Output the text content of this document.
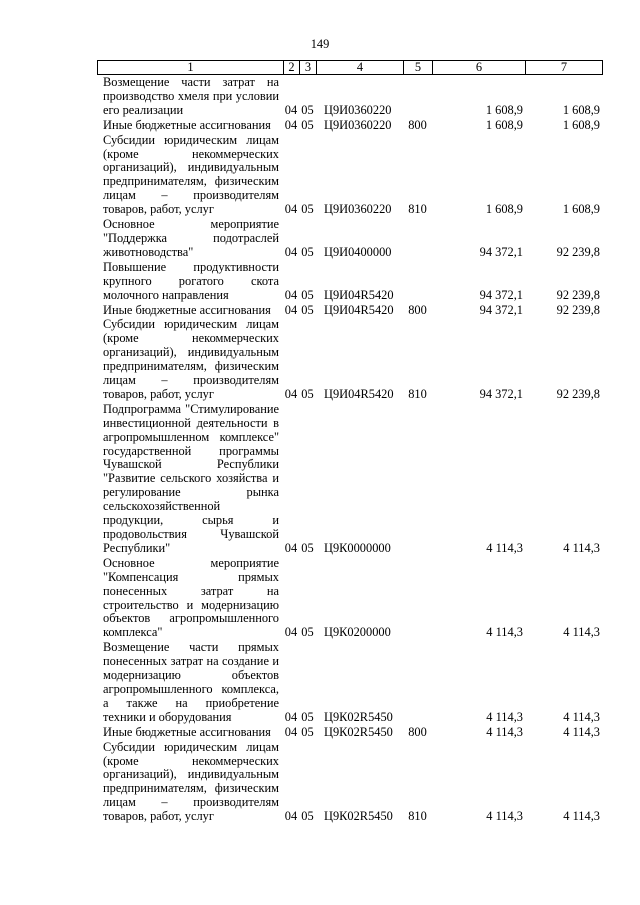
149
1	2	3	4	5	6	7
Возмещение части затрат на производство хмеля при условии его реализации	04	05	Ц9И0360220		1 608,9	1 608,9
Иные бюджетные ассигнования	04	05	Ц9И0360220	800	1 608,9	1 608,9
Субсидии юридическим лицам (кроме некоммерческих организаций), индивидуальным предпринимателям, физическим лицам – производителям товаров, работ, услуг	04	05	Ц9И0360220	810	1 608,9	1 608,9
Основное мероприятие "Поддержка подотраслей животноводства"	04	05	Ц9И0400000		94 372,1	92 239,8
Повышение продуктивности крупного рогатого скота молочного направления	04	05	Ц9И04R5420		94 372,1	92 239,8
Иные бюджетные ассигнования	04	05	Ц9И04R5420	800	94 372,1	92 239,8
Субсидии юридическим лицам (кроме некоммерческих организаций), индивидуальным предпринимателям, физическим лицам – производителям товаров, работ, услуг	04	05	Ц9И04R5420	810	94 372,1	92 239,8
Подпрограмма "Стимулирование инвестиционной деятельности в агропромышленном комплексе" государственной программы Чувашской Республики "Развитие сельского хозяйства и регулирование рынка сельскохозяйственной продукции, сырья и продовольствия Чувашской Республики"	04	05	Ц9К0000000		4 114,3	4 114,3
Основное мероприятие "Компенсация прямых понесенных затрат на строительство и модернизацию объектов агропромышленного комплекса"	04	05	Ц9К0200000		4 114,3	4 114,3
Возмещение части прямых понесенных затрат на создание и модернизацию объектов агропромышленного комплекса, а также на приобретение техники и оборудования	04	05	Ц9К02R5450		4 114,3	4 114,3
Иные бюджетные ассигнования	04	05	Ц9К02R5450	800	4 114,3	4 114,3
Субсидии юридическим лицам (кроме некоммерческих организаций), индивидуальным предпринимателям, физическим лицам – производителям товаров, работ, услуг	04	05	Ц9К02R5450	810	4 114,3	4 114,3
